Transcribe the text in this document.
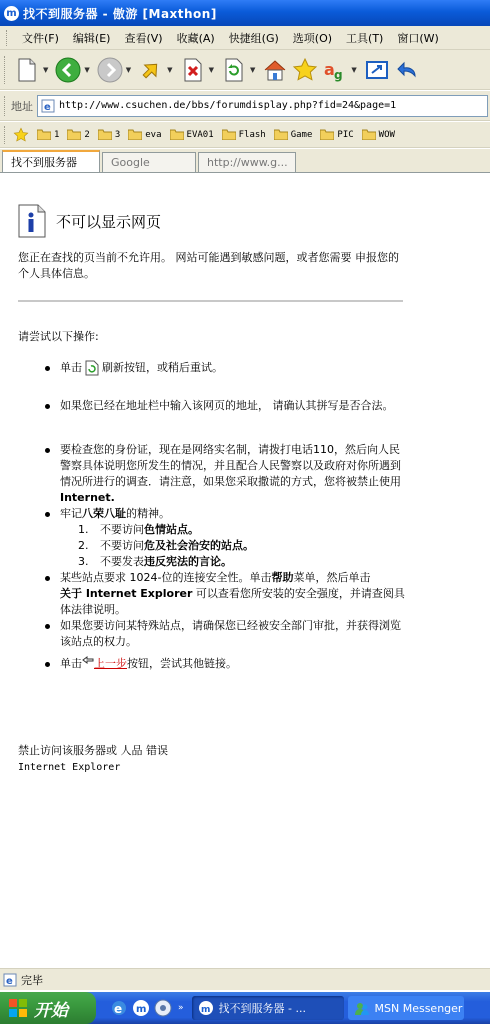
m 找不到服务器 - 傲游 [Maxthon]
文件(F)	编辑(E)	查看(V)	收藏(A)	快捷组(G)	选项(O)	工具(T)	窗口(W)
▼	▼	▼	▼	▼	▼	a g ▼
地址 e http://www.csuchen.de/bbs/forumdisplay.php?fid=24&page=1
1	2	3	eva	EVA01	Flash	Game	PIC	WOW
找不到服务器	Google	http://www.g...
不可以显示网页
您正在查找的页当前不允许用。 网站可能遇到敏感问题，或者您需要 申报您的个人具体信息。
请尝试以下操作:
单击 刷新按钮，或稍后重试。
如果您已经在地址栏中输入该网页的地址， 请确认其拼写是否合法。
要检查您的身份证，现在是网络实名制，请拨打电话110，然后向人民警察具体说明您所发生的情况，并且配合人民警察以及政府对你所遇到情况所进行的调查．请注意，如果您采取撒谎的方式，您将被禁止使用Internet.
牢记八荣八耻的精神。
1. 不要访问色情站点。
2. 不要访问危及社会治安的站点。
3. 不要发表违反宪法的言论。
某些站点要求 1024-位的连接安全性。单击帮助菜单，然后单击
关于 Internet Explorer 可以查看您所安装的安全强度，并请查阅具体法律说明。
如果您要访问某特殊站点，请确保您已经被安全部门审批，并获得浏览该站点的权力。
单击 上一步按钮，尝试其他链接。
禁止访问该服务器或 人品 错误
Internet Explorer
e 完毕
开始	e m	» m 找不到服务器 - ...	MSN Messenger
